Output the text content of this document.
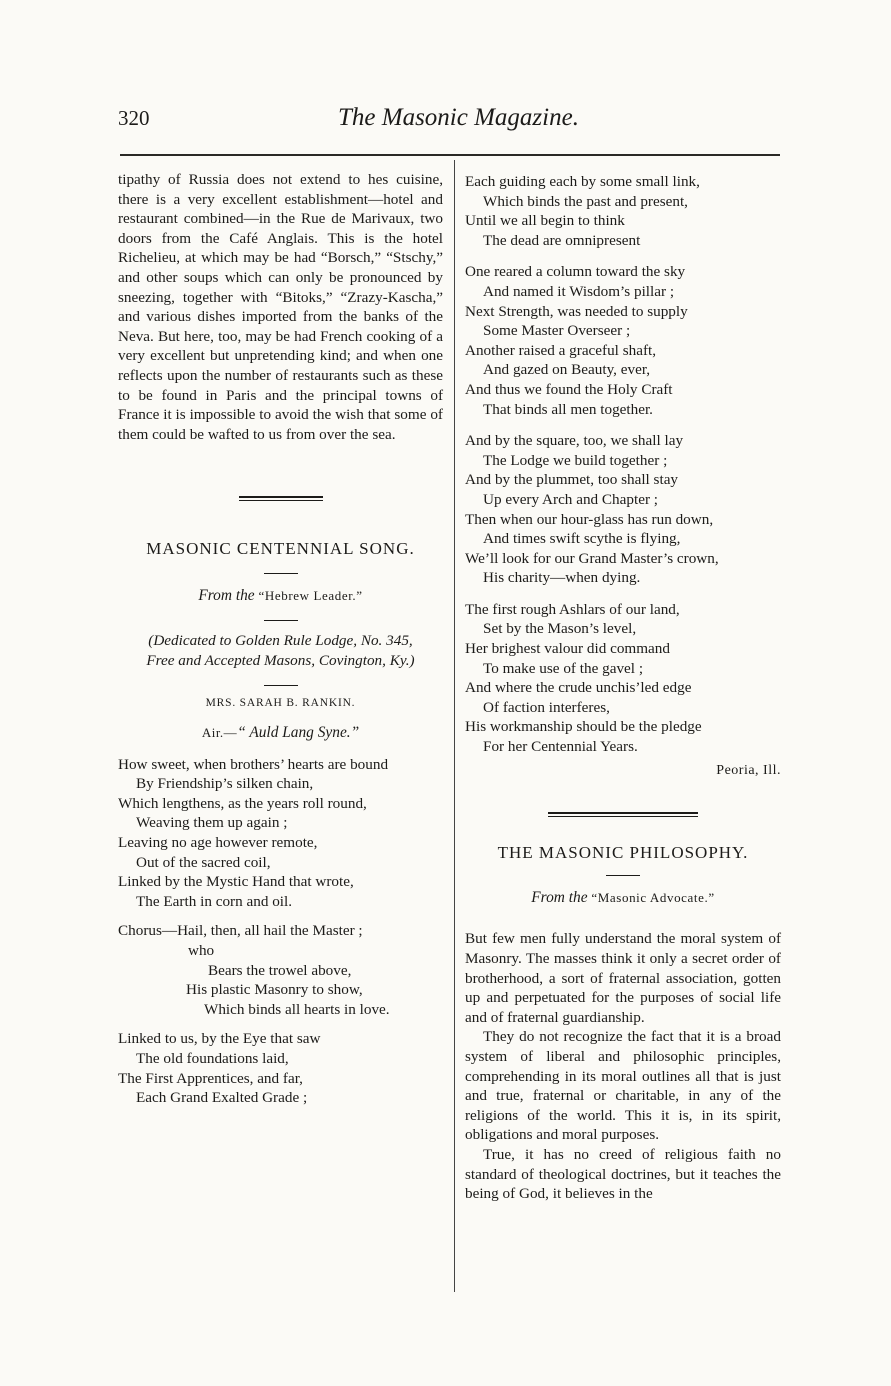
320	The Masonic Magazine.

tipathy of Russia does not extend to hes cuisine, there is a very excellent establishment—hotel and restaurant combined—in the Rue de Marivaux, two doors from the Café Anglais. This is the hotel Richelieu, at which may be had “Borsch,” “Stschy,” and other soups which can only be pronounced by sneezing, together with “Bitoks,” “Zrazy-Kascha,” and various dishes imported from the banks of the Neva. But here, too, may be had French cooking of a very excellent but unpretending kind; and when one reflects upon the number of restaurants such as these to be found in Paris and the principal towns of France it is impossible to avoid the wish that some of them could be wafted to us from over the sea.

MASONIC CENTENNIAL SONG.
From the “Hebrew Leader.”
(Dedicated to Golden Rule Lodge, No. 345,
Free and Accepted Masons, Covington, Ky.)
MRS. SARAH B. RANKIN.
Air.—“ Auld Lang Syne.”
How sweet, when brothers’ hearts are bound
By Friendship’s silken chain,
Which lengthens, as the years roll round,
Weaving them up again ;
Leaving no age however remote,
Out of the sacred coil,
Linked by the Mystic Hand that wrote,
The Earth in corn and oil.
Chorus—Hail, then, all hail the Master ;
who
Bears the trowel above,
His plastic Masonry to show,
Which binds all hearts in love.
Linked to us, by the Eye that saw
The old foundations laid,
The First Apprentices, and far,
Each Grand Exalted Grade ;
Each guiding each by some small link,
Which binds the past and present,
Until we all begin to think
The dead are omnipresent
One reared a column toward the sky
And named it Wisdom’s pillar ;
Next Strength, was needed to supply
Some Master Overseer ;
Another raised a graceful shaft,
And gazed on Beauty, ever,
And thus we found the Holy Craft
That binds all men together.
And by the square, too, we shall lay
The Lodge we build together ;
And by the plummet, too shall stay
Up every Arch and Chapter ;
Then when our hour-glass has run down,
And times swift scythe is flying,
We’ll look for our Grand Master’s crown,
His charity—when dying.
The first rough Ashlars of our land,
Set by the Mason’s level,
Her brighest valour did command
To make use of the gavel ;
And where the crude unchis’led edge
Of faction interferes,
His workmanship should be the pledge
For her Centennial Years.
Peoria, Ill.
THE MASONIC PHILOSOPHY.
From the “Masonic Advocate.”

But few men fully understand the moral system of Masonry. The masses think it only a secret order of brotherhood, a sort of fraternal association, gotten up and perpetuated for the purposes of social life and of fraternal guardianship.

They do not recognize the fact that it is a broad system of liberal and philosophic principles, comprehending in its moral outlines all that is just and true, fraternal or charitable, in any of the religions of the world. This it is, in its spirit, obligations and moral purposes.

True, it has no creed of religious faith no standard of theological doctrines, but it teaches the being of God, it believes in the
